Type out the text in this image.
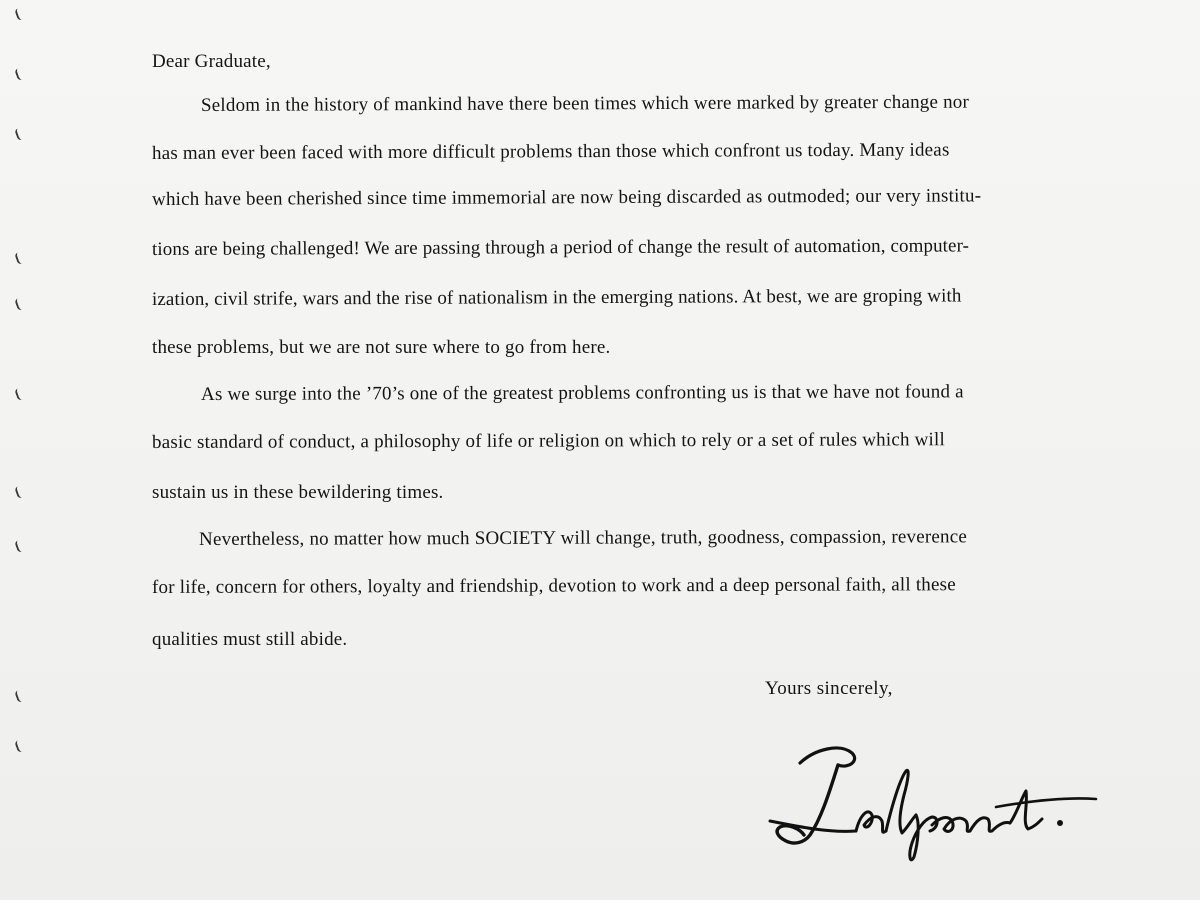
Dear Graduate,
Seldom in the history of mankind have there been times which were marked by greater change nor
has man ever been faced with more difficult problems than those which confront us today. Many ideas
which have been cherished since time immemorial are now being discarded as outmoded; our very institu-
tions are being challenged! We are passing through a period of change the result of automation, computer-
ization, civil strife, wars and the rise of nationalism in the emerging nations. At best, we are groping with
these problems, but we are not sure where to go from here.
As we surge into the ’70’s one of the greatest problems confronting us is that we have not found a
basic standard of conduct, a philosophy of life or religion on which to rely or a set of rules which will
sustain us in these bewildering times.
Nevertheless, no matter how much SOCIETY will change, truth, goodness, compassion, reverence
for life, concern for others, loyalty and friendship, devotion to work and a deep personal faith, all these
qualities must still abide.
Yours sincerely,
